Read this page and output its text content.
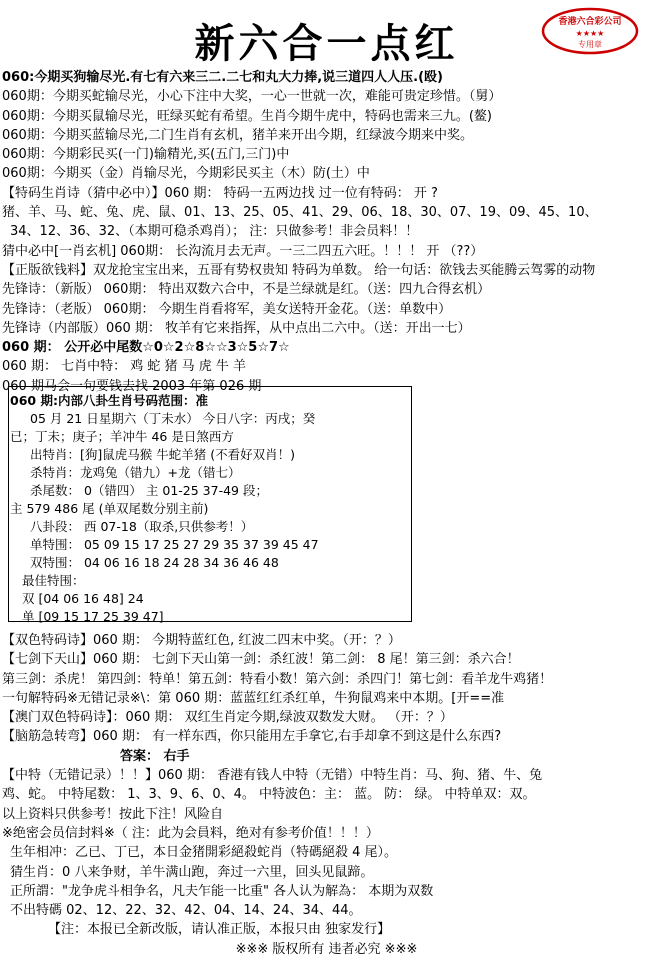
新六合一点红	香港六合彩公司
★★★★
专用章
060:今期买狗输尽光.有七有六来三二.二七和丸大力捧,说三道四人人压.(殴)
060期：今期买蛇输尽光，小心下注中大奖，一心一世就一次，难能可贵定珍惜。（舅）
060期：今期买鼠输尽光，旺绿买蛇有希望。生肖今期牛虎中，特码也需来三九。(鳌)
060期：今期买蓝输尽光,二门生肖有玄机，猪羊来开出今期，红绿波今期来中奖。
060期：今期彩民买(一门)输精光,买(五门,三门)中
060期：今期买（金）肖输尽光，今期彩民买主（木）防(土）中
【特码生肖诗（猜中必中）】060 期： 特码一五两边找 过一位有特码： 开 ?
猪、羊、马、蛇、兔、虎、鼠、01、13、25、05、41、29、06、18、30、07、19、09、45、10、
34、12、36、32、（本期可稳杀鸡肖）； 注：只做参考！非会员料！！
猜中必中[一肖玄机] 060期： 长沟流月去无声。一三二四五六旺。！！！ 开 （??）
【正版欲钱料】双龙抢宝宝出来，五哥有势权贵知 特码为单数。 给一句话：欲钱去买能腾云驾雾的动物
先锋诗：（新版） 060期： 特出双数六合中，不是兰绿就是红。（送：四九合得玄机）
先锋诗：（老版） 060期： 今期生肖看将军，美女送特开金花。（送：单数中）
先锋诗（内部版）060 期： 牧羊有它来指挥，从中点出二六中。（送：开出一七）
060 期： 公开必中尾数☆0☆2☆8☆☆3☆5☆7☆
060 期： 七肖中特： 鸡 蛇 猪 马 虎 牛 羊
060 期马会一句要钱去找 2003 年第 026 期
060 期:内部八卦生肖号码范围：准
05 月 21 日星期六（丁未水） 今日八字：丙戌；癸
已；丁未；庚子；羊冲牛 46 是日煞西方
出特肖：[狗]鼠虎马猴 牛蛇羊猪 (不看好双肖！)
杀特肖：龙鸡兔（错九）+龙（错七）
杀尾数： 0（错四） 主 01-25 37-49 段；
主 579 486 尾 (单双尾数分别主前)
八卦段： 西 07-18（取杀,只供参考！）
单特围： 05 09 15 17 25 27 29 35 37 39 45 47
双特围： 04 06 16 18 24 28 34 36 46 48
最佳特围：
双 [04 06 16 48] 24
单 [09 15 17 25 39 47]
【双色特码诗】060 期： 今期特蓝红色, 红波二四末中奖。（开：？）
【七剑下天山】060 期： 七剑下天山第一剑：杀红波！第二剑： 8 尾！第三剑：杀六合！
第三剑：杀虎！ 第四剑：特单！第五剑：特看小数！第六剑：杀四门！第七剑：看羊龙牛鸡猪！
一句解特码※无错记录※\：第 060 期：蓝蓝红红杀红单，牛狗鼠鸡来中本期。[开==准
【澳门双色特码诗】：060 期： 双红生肖定今期,绿波双数发大财。 （开：？）
【脑筋急转弯】060 期： 有一样东西，你只能用左手拿它,右手却拿不到这是什么东西?
答案： 右手
【中特（无错记录）！！】060 期： 香港有钱人中特（无错）中特生肖：马、狗、猪、牛、兔
鸡、蛇。 中特尾数： 1、3、9、6、0、4。 中特波色：主： 蓝。 防： 绿。 中特单双：双。
以上资料只供参考！按此下注！风险自
※绝密会员信封料※（ 注：此为会員料，绝对有参考价值！！！）
生年相冲：乙已、丁已，本日金猪開彩絕殺蛇肖（特碼絕殺 4 尾）。
猜生肖：0 八来争财，羊牛满山跑，奔过一六里，回头见鼠蹄。
正所謂："龙争虎斗相争名，凡夫乍能一比重" 各人认为解為： 本期为双数
不出特碼 02、12、22、32、42、04、14、24、34、44。
【注：本报已全新改版，请认准正版，本报只由 独家发行】
※※※ 版权所有 违者必究 ※※※
